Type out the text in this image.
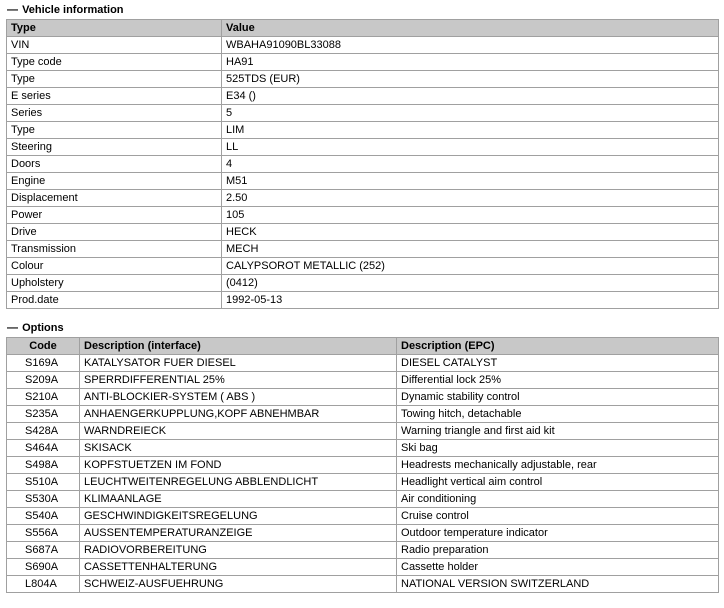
— Vehicle information
Type	Value
VIN	WBAHA91090BL33088
Type code	HA91
Type	525TDS (EUR)
E series	E34 ()
Series	5
Type	LIM
Steering	LL
Doors	4
Engine	M51
Displacement	2.50
Power	105
Drive	HECK
Transmission	MECH
Colour	CALYPSOROT METALLIC (252)
Upholstery	(0412)
Prod.date	1992-05-13
— Options
Code	Description (interface)	Description (EPC)
S169A	KATALYSATOR FUER DIESEL	DIESEL CATALYST
S209A	SPERRDIFFERENTIAL 25%	Differential lock 25%
S210A	ANTI-BLOCKIER-SYSTEM ( ABS )	Dynamic stability control
S235A	ANHAENGERKUPPLUNG,KOPF ABNEHMBAR	Towing hitch, detachable
S428A	WARNDREIECK	Warning triangle and first aid kit
S464A	SKISACK	Ski bag
S498A	KOPFSTUETZEN IM FOND	Headrests mechanically adjustable, rear
S510A	LEUCHTWEITENREGELUNG ABBLENDLICHT	Headlight vertical aim control
S530A	KLIMAANLAGE	Air conditioning
S540A	GESCHWINDIGKEITSREGELUNG	Cruise control
S556A	AUSSENTEMPERATURANZEIGE	Outdoor temperature indicator
S687A	RADIOVORBEREITUNG	Radio preparation
S690A	CASSETTENHALTERUNG	Cassette holder
L804A	SCHWEIZ-AUSFUEHRUNG	NATIONAL VERSION SWITZERLAND
